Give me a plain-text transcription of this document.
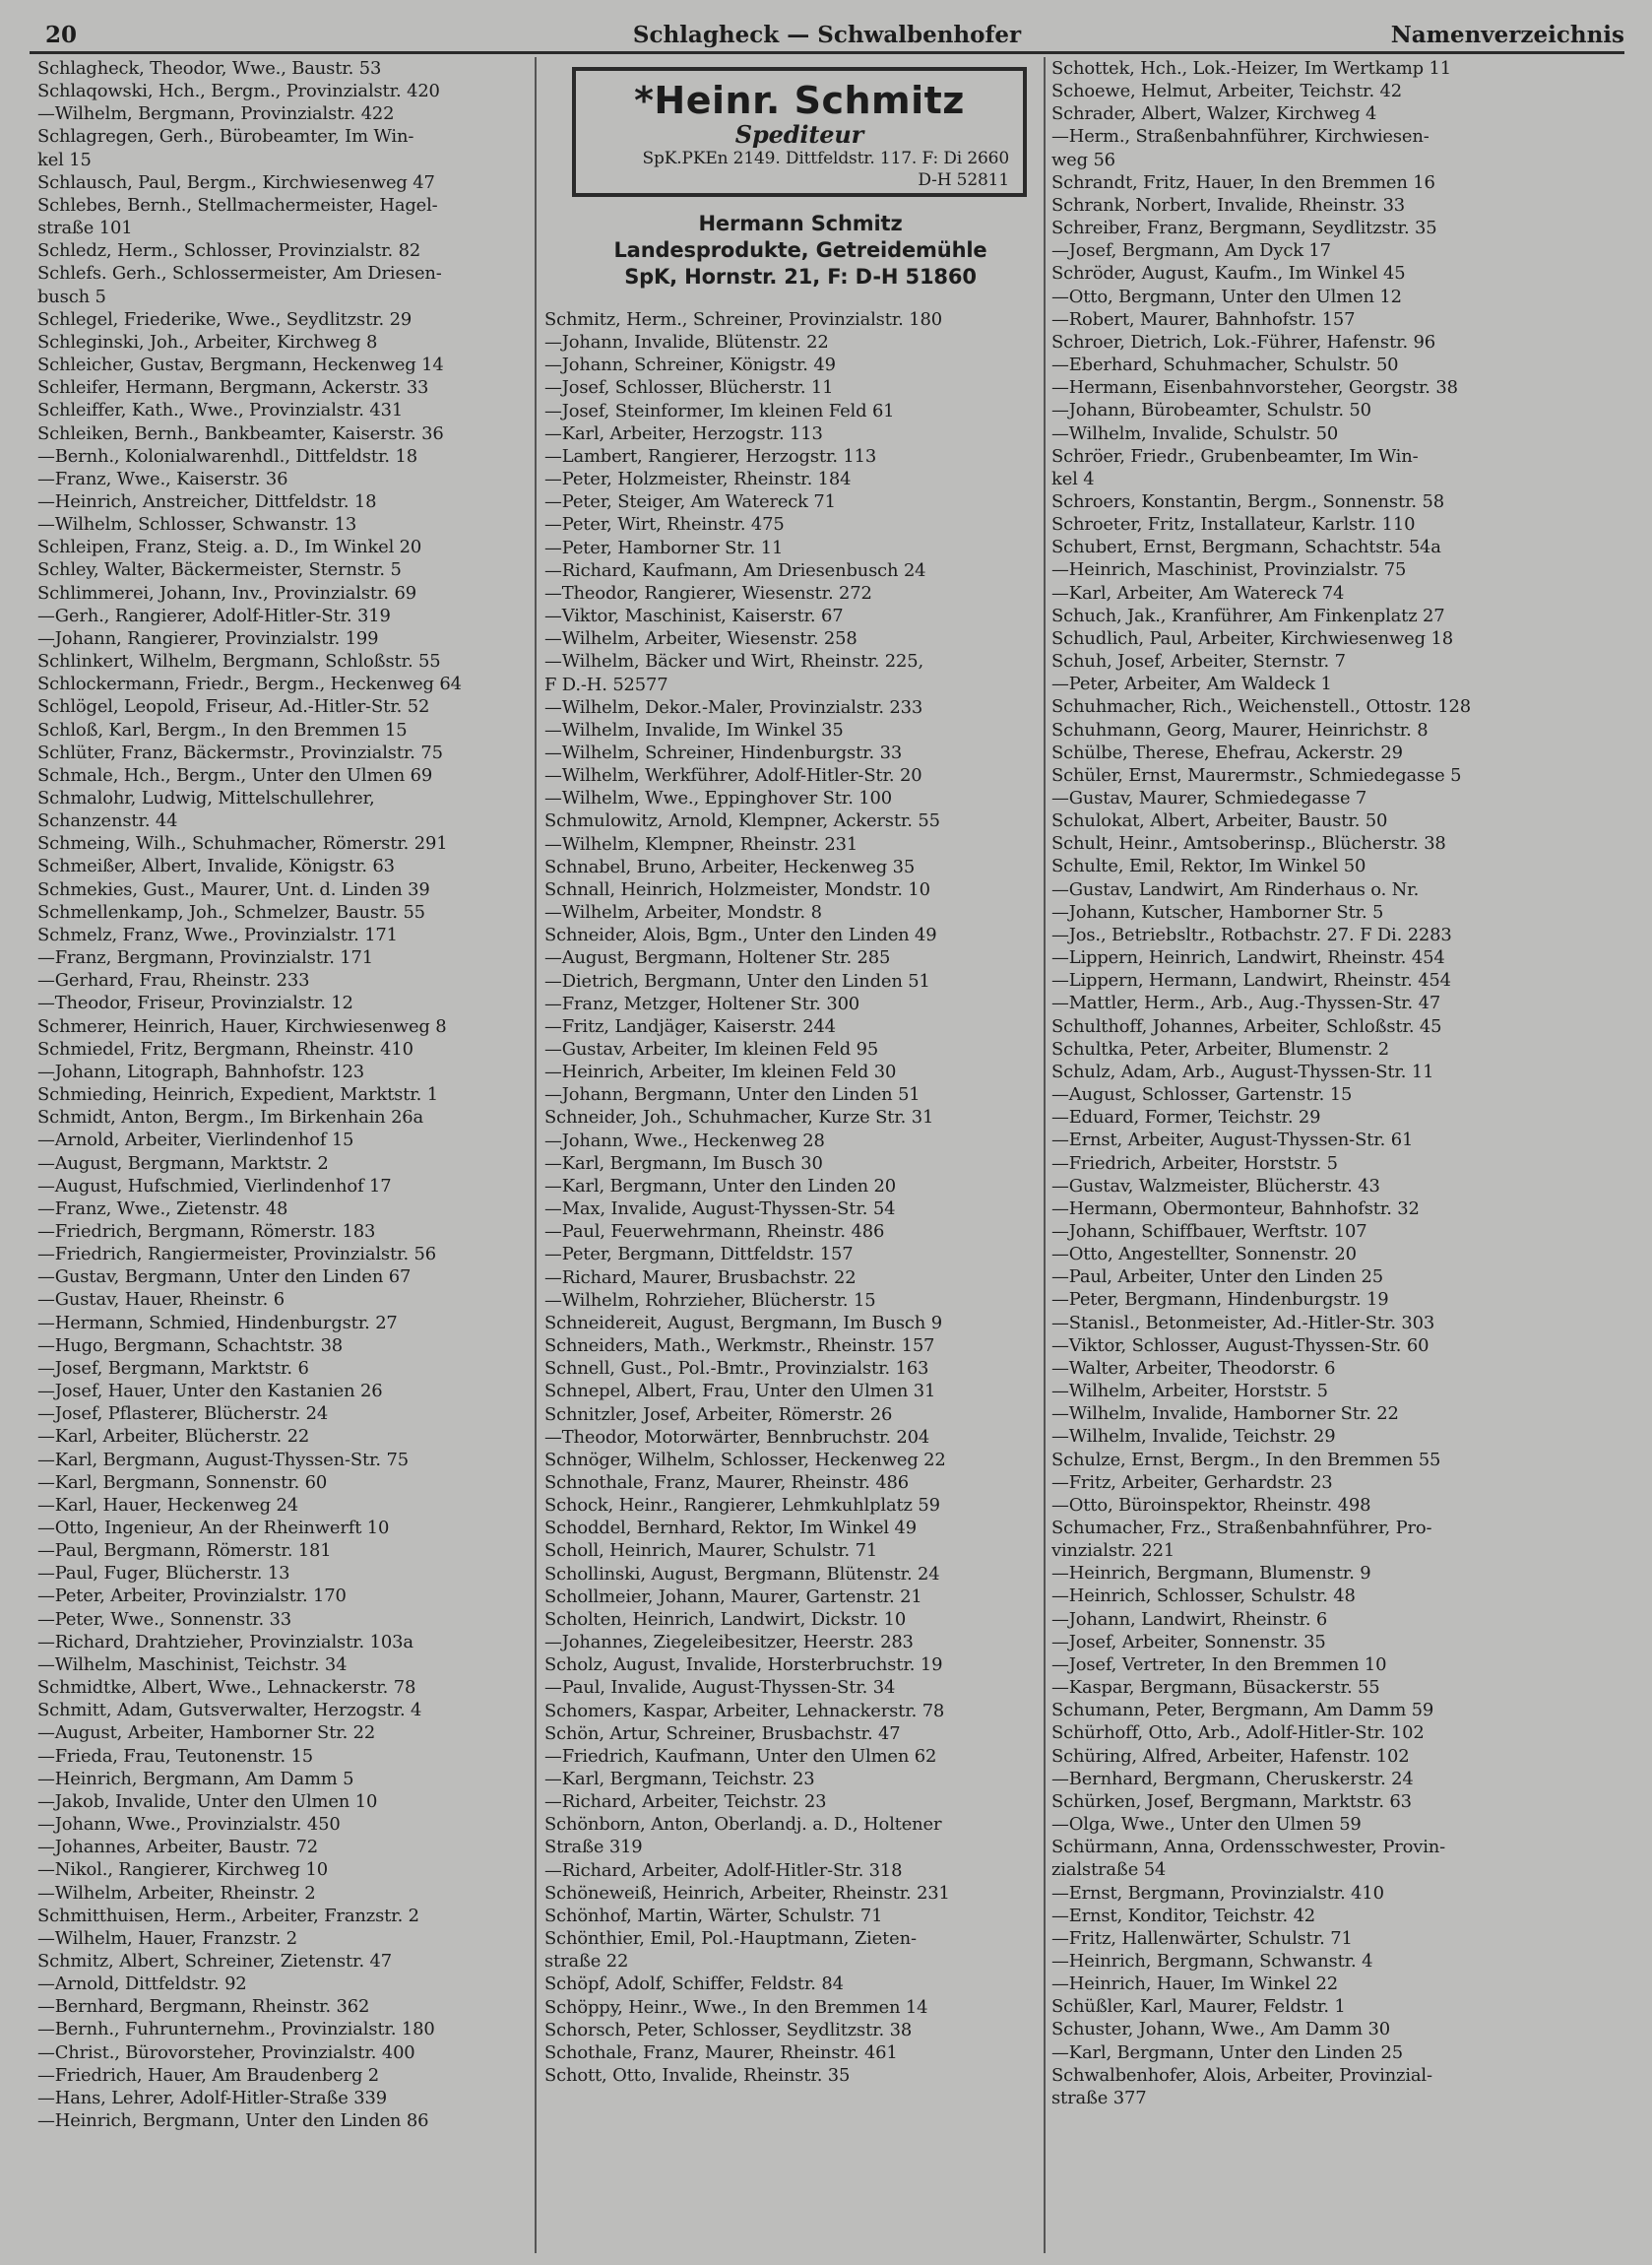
20	Schlagheck — Schwalbenhofer	Namenverzeichnis
Schlagheck, Theodor, Wwe., Baustr. 53
Schlaqowski, Hch., Bergm., Provinzialstr. 420
—Wilhelm, Bergmann, Provinzialstr. 422
Schlagregen, Gerh., Bürobeamter, Im Win-
kel 15
Schlausch, Paul, Bergm., Kirchwiesenweg 47
Schlebes, Bernh., Stellmachermeister, Hagel-
straße 101
Schledz, Herm., Schlosser, Provinzialstr. 82
Schlefs. Gerh., Schlossermeister, Am Driesen-
busch 5
Schlegel, Friederike, Wwe., Seydlitzstr. 29
Schleginski, Joh., Arbeiter, Kirchweg 8
Schleicher, Gustav, Bergmann, Heckenweg 14
Schleifer, Hermann, Bergmann, Ackerstr. 33
Schleiffer, Kath., Wwe., Provinzialstr. 431
Schleiken, Bernh., Bankbeamter, Kaiserstr. 36
—Bernh., Kolonialwarenhdl., Dittfeldstr. 18
—Franz, Wwe., Kaiserstr. 36
—Heinrich, Anstreicher, Dittfeldstr. 18
—Wilhelm, Schlosser, Schwanstr. 13
Schleipen, Franz, Steig. a. D., Im Winkel 20
Schley, Walter, Bäckermeister, Sternstr. 5
Schlimmerei, Johann, Inv., Provinzialstr. 69
—Gerh., Rangierer, Adolf-Hitler-Str. 319
—Johann, Rangierer, Provinzialstr. 199
Schlinkert, Wilhelm, Bergmann, Schloßstr. 55
Schlockermann, Friedr., Bergm., Heckenweg 64
Schlögel, Leopold, Friseur, Ad.-Hitler-Str. 52
Schloß, Karl, Bergm., In den Bremmen 15
Schlüter, Franz, Bäckermstr., Provinzialstr. 75
Schmale, Hch., Bergm., Unter den Ulmen 69
Schmalohr, Ludwig, Mittelschullehrer,
Schanzenstr. 44
Schmeing, Wilh., Schuhmacher, Römerstr. 291
Schmeißer, Albert, Invalide, Königstr. 63
Schmekies, Gust., Maurer, Unt. d. Linden 39
Schmellenkamp, Joh., Schmelzer, Baustr. 55
Schmelz, Franz, Wwe., Provinzialstr. 171
—Franz, Bergmann, Provinzialstr. 171
—Gerhard, Frau, Rheinstr. 233
—Theodor, Friseur, Provinzialstr. 12
Schmerer, Heinrich, Hauer, Kirchwiesenweg 8
Schmiedel, Fritz, Bergmann, Rheinstr. 410
—Johann, Litograph, Bahnhofstr. 123
Schmieding, Heinrich, Expedient, Marktstr. 1
Schmidt, Anton, Bergm., Im Birkenhain 26a
—Arnold, Arbeiter, Vierlindenhof 15
—August, Bergmann, Marktstr. 2
—August, Hufschmied, Vierlindenhof 17
—Franz, Wwe., Zietenstr. 48
—Friedrich, Bergmann, Römerstr. 183
—Friedrich, Rangiermeister, Provinzialstr. 56
—Gustav, Bergmann, Unter den Linden 67
—Gustav, Hauer, Rheinstr. 6
—Hermann, Schmied, Hindenburgstr. 27
—Hugo, Bergmann, Schachtstr. 38
—Josef, Bergmann, Marktstr. 6
—Josef, Hauer, Unter den Kastanien 26
—Josef, Pflasterer, Blücherstr. 24
—Karl, Arbeiter, Blücherstr. 22
—Karl, Bergmann, August-Thyssen-Str. 75
—Karl, Bergmann, Sonnenstr. 60
—Karl, Hauer, Heckenweg 24
—Otto, Ingenieur, An der Rheinwerft 10
—Paul, Bergmann, Römerstr. 181
—Paul, Fuger, Blücherstr. 13
—Peter, Arbeiter, Provinzialstr. 170
—Peter, Wwe., Sonnenstr. 33
—Richard, Drahtzieher, Provinzialstr. 103a
—Wilhelm, Maschinist, Teichstr. 34
Schmidtke, Albert, Wwe., Lehnackerstr. 78
Schmitt, Adam, Gutsverwalter, Herzogstr. 4
—August, Arbeiter, Hamborner Str. 22
—Frieda, Frau, Teutonenstr. 15
—Heinrich, Bergmann, Am Damm 5
—Jakob, Invalide, Unter den Ulmen 10
—Johann, Wwe., Provinzialstr. 450
—Johannes, Arbeiter, Baustr. 72
—Nikol., Rangierer, Kirchweg 10
—Wilhelm, Arbeiter, Rheinstr. 2
Schmitthuisen, Herm., Arbeiter, Franzstr. 2
—Wilhelm, Hauer, Franzstr. 2
Schmitz, Albert, Schreiner, Zietenstr. 47
—Arnold, Dittfeldstr. 92
—Bernhard, Bergmann, Rheinstr. 362
—Bernh., Fuhrunternehm., Provinzialstr. 180
—Christ., Bürovorsteher, Provinzialstr. 400
—Friedrich, Hauer, Am Braudenberg 2
—Hans, Lehrer, Adolf-Hitler-Straße 339
—Heinrich, Bergmann, Unter den Linden 86
*Heinr. Schmitz
Spediteur
SpK.PKEn 2149. Dittfeldstr. 117. F: Di 2660
D-H 52811
Hermann Schmitz
Landesprodukte, Getreidemühle
SpK, Hornstr. 21, F: D-H 51860
Schmitz, Herm., Schreiner, Provinzialstr. 180
—Johann, Invalide, Blütenstr. 22
—Johann, Schreiner, Königstr. 49
—Josef, Schlosser, Blücherstr. 11
—Josef, Steinformer, Im kleinen Feld 61
—Karl, Arbeiter, Herzogstr. 113
—Lambert, Rangierer, Herzogstr. 113
—Peter, Holzmeister, Rheinstr. 184
—Peter, Steiger, Am Watereck 71
—Peter, Wirt, Rheinstr. 475
—Peter, Hamborner Str. 11
—Richard, Kaufmann, Am Driesenbusch 24
—Theodor, Rangierer, Wiesenstr. 272
—Viktor, Maschinist, Kaiserstr. 67
—Wilhelm, Arbeiter, Wiesenstr. 258
—Wilhelm, Bäcker und Wirt, Rheinstr. 225,
F D.-H. 52577
—Wilhelm, Dekor.-Maler, Provinzialstr. 233
—Wilhelm, Invalide, Im Winkel 35
—Wilhelm, Schreiner, Hindenburgstr. 33
—Wilhelm, Werkführer, Adolf-Hitler-Str. 20
—Wilhelm, Wwe., Eppinghover Str. 100
Schmulowitz, Arnold, Klempner, Ackerstr. 55
—Wilhelm, Klempner, Rheinstr. 231
Schnabel, Bruno, Arbeiter, Heckenweg 35
Schnall, Heinrich, Holzmeister, Mondstr. 10
—Wilhelm, Arbeiter, Mondstr. 8
Schneider, Alois, Bgm., Unter den Linden 49
—August, Bergmann, Holtener Str. 285
—Dietrich, Bergmann, Unter den Linden 51
—Franz, Metzger, Holtener Str. 300
—Fritz, Landjäger, Kaiserstr. 244
—Gustav, Arbeiter, Im kleinen Feld 95
—Heinrich, Arbeiter, Im kleinen Feld 30
—Johann, Bergmann, Unter den Linden 51
Schneider, Joh., Schuhmacher, Kurze Str. 31
—Johann, Wwe., Heckenweg 28
—Karl, Bergmann, Im Busch 30
—Karl, Bergmann, Unter den Linden 20
—Max, Invalide, August-Thyssen-Str. 54
—Paul, Feuerwehrmann, Rheinstr. 486
—Peter, Bergmann, Dittfeldstr. 157
—Richard, Maurer, Brusbachstr. 22
—Wilhelm, Rohrzieher, Blücherstr. 15
Schneidereit, August, Bergmann, Im Busch 9
Schneiders, Math., Werkmstr., Rheinstr. 157
Schnell, Gust., Pol.-Bmtr., Provinzialstr. 163
Schnepel, Albert, Frau, Unter den Ulmen 31
Schnitzler, Josef, Arbeiter, Römerstr. 26
—Theodor, Motorwärter, Bennbruchstr. 204
Schnöger, Wilhelm, Schlosser, Heckenweg 22
Schnothale, Franz, Maurer, Rheinstr. 486
Schock, Heinr., Rangierer, Lehmkuhlplatz 59
Schoddel, Bernhard, Rektor, Im Winkel 49
Scholl, Heinrich, Maurer, Schulstr. 71
Schollinski, August, Bergmann, Blütenstr. 24
Schollmeier, Johann, Maurer, Gartenstr. 21
Scholten, Heinrich, Landwirt, Dickstr. 10
—Johannes, Ziegeleibesitzer, Heerstr. 283
Scholz, August, Invalide, Horsterbruchstr. 19
—Paul, Invalide, August-Thyssen-Str. 34
Schomers, Kaspar, Arbeiter, Lehnackerstr. 78
Schön, Artur, Schreiner, Brusbachstr. 47
—Friedrich, Kaufmann, Unter den Ulmen 62
—Karl, Bergmann, Teichstr. 23
—Richard, Arbeiter, Teichstr. 23
Schönborn, Anton, Oberlandj. a. D., Holtener
Straße 319
—Richard, Arbeiter, Adolf-Hitler-Str. 318
Schöneweiß, Heinrich, Arbeiter, Rheinstr. 231
Schönhof, Martin, Wärter, Schulstr. 71
Schönthier, Emil, Pol.-Hauptmann, Zieten-
straße 22
Schöpf, Adolf, Schiffer, Feldstr. 84
Schöppy, Heinr., Wwe., In den Bremmen 14
Schorsch, Peter, Schlosser, Seydlitzstr. 38
Schothale, Franz, Maurer, Rheinstr. 461
Schott, Otto, Invalide, Rheinstr. 35
Schottek, Hch., Lok.-Heizer, Im Wertkamp 11
Schoewe, Helmut, Arbeiter, Teichstr. 42
Schrader, Albert, Walzer, Kirchweg 4
—Herm., Straßenbahnführer, Kirchwiesen-
weg 56
Schrandt, Fritz, Hauer, In den Bremmen 16
Schrank, Norbert, Invalide, Rheinstr. 33
Schreiber, Franz, Bergmann, Seydlitzstr. 35
—Josef, Bergmann, Am Dyck 17
Schröder, August, Kaufm., Im Winkel 45
—Otto, Bergmann, Unter den Ulmen 12
—Robert, Maurer, Bahnhofstr. 157
Schroer, Dietrich, Lok.-Führer, Hafenstr. 96
—Eberhard, Schuhmacher, Schulstr. 50
—Hermann, Eisenbahnvorsteher, Georgstr. 38
—Johann, Bürobeamter, Schulstr. 50
—Wilhelm, Invalide, Schulstr. 50
Schröer, Friedr., Grubenbeamter, Im Win-
kel 4
Schroers, Konstantin, Bergm., Sonnenstr. 58
Schroeter, Fritz, Installateur, Karlstr. 110
Schubert, Ernst, Bergmann, Schachtstr. 54a
—Heinrich, Maschinist, Provinzialstr. 75
—Karl, Arbeiter, Am Watereck 74
Schuch, Jak., Kranführer, Am Finkenplatz 27
Schudlich, Paul, Arbeiter, Kirchwiesenweg 18
Schuh, Josef, Arbeiter, Sternstr. 7
—Peter, Arbeiter, Am Waldeck 1
Schuhmacher, Rich., Weichenstell., Ottostr. 128
Schuhmann, Georg, Maurer, Heinrichstr. 8
Schülbe, Therese, Ehefrau, Ackerstr. 29
Schüler, Ernst, Maurermstr., Schmiedegasse 5
—Gustav, Maurer, Schmiedegasse 7
Schulokat, Albert, Arbeiter, Baustr. 50
Schult, Heinr., Amtsoberinsp., Blücherstr. 38
Schulte, Emil, Rektor, Im Winkel 50
—Gustav, Landwirt, Am Rinderhaus o. Nr.
—Johann, Kutscher, Hamborner Str. 5
—Jos., Betriebsltr., Rotbachstr. 27. F Di. 2283
—Lippern, Heinrich, Landwirt, Rheinstr. 454
—Lippern, Hermann, Landwirt, Rheinstr. 454
—Mattler, Herm., Arb., Aug.-Thyssen-Str. 47
Schulthoff, Johannes, Arbeiter, Schloßstr. 45
Schultka, Peter, Arbeiter, Blumenstr. 2
Schulz, Adam, Arb., August-Thyssen-Str. 11
—August, Schlosser, Gartenstr. 15
—Eduard, Former, Teichstr. 29
—Ernst, Arbeiter, August-Thyssen-Str. 61
—Friedrich, Arbeiter, Horststr. 5
—Gustav, Walzmeister, Blücherstr. 43
—Hermann, Obermonteur, Bahnhofstr. 32
—Johann, Schiffbauer, Werftstr. 107
—Otto, Angestellter, Sonnenstr. 20
—Paul, Arbeiter, Unter den Linden 25
—Peter, Bergmann, Hindenburgstr. 19
—Stanisl., Betonmeister, Ad.-Hitler-Str. 303
—Viktor, Schlosser, August-Thyssen-Str. 60
—Walter, Arbeiter, Theodorstr. 6
—Wilhelm, Arbeiter, Horststr. 5
—Wilhelm, Invalide, Hamborner Str. 22
—Wilhelm, Invalide, Teichstr. 29
Schulze, Ernst, Bergm., In den Bremmen 55
—Fritz, Arbeiter, Gerhardstr. 23
—Otto, Büroinspektor, Rheinstr. 498
Schumacher, Frz., Straßenbahnführer, Pro-
vinzialstr. 221
—Heinrich, Bergmann, Blumenstr. 9
—Heinrich, Schlosser, Schulstr. 48
—Johann, Landwirt, Rheinstr. 6
—Josef, Arbeiter, Sonnenstr. 35
—Josef, Vertreter, In den Bremmen 10
—Kaspar, Bergmann, Büsackerstr. 55
Schumann, Peter, Bergmann, Am Damm 59
Schürhoff, Otto, Arb., Adolf-Hitler-Str. 102
Schüring, Alfred, Arbeiter, Hafenstr. 102
—Bernhard, Bergmann, Cheruskerstr. 24
Schürken, Josef, Bergmann, Marktstr. 63
—Olga, Wwe., Unter den Ulmen 59
Schürmann, Anna, Ordensschwester, Provin-
zialstraße 54
—Ernst, Bergmann, Provinzialstr. 410
—Ernst, Konditor, Teichstr. 42
—Fritz, Hallenwärter, Schulstr. 71
—Heinrich, Bergmann, Schwanstr. 4
—Heinrich, Hauer, Im Winkel 22
Schüßler, Karl, Maurer, Feldstr. 1
Schuster, Johann, Wwe., Am Damm 30
—Karl, Bergmann, Unter den Linden 25
Schwalbenhofer, Alois, Arbeiter, Provinzial-
straße 377
